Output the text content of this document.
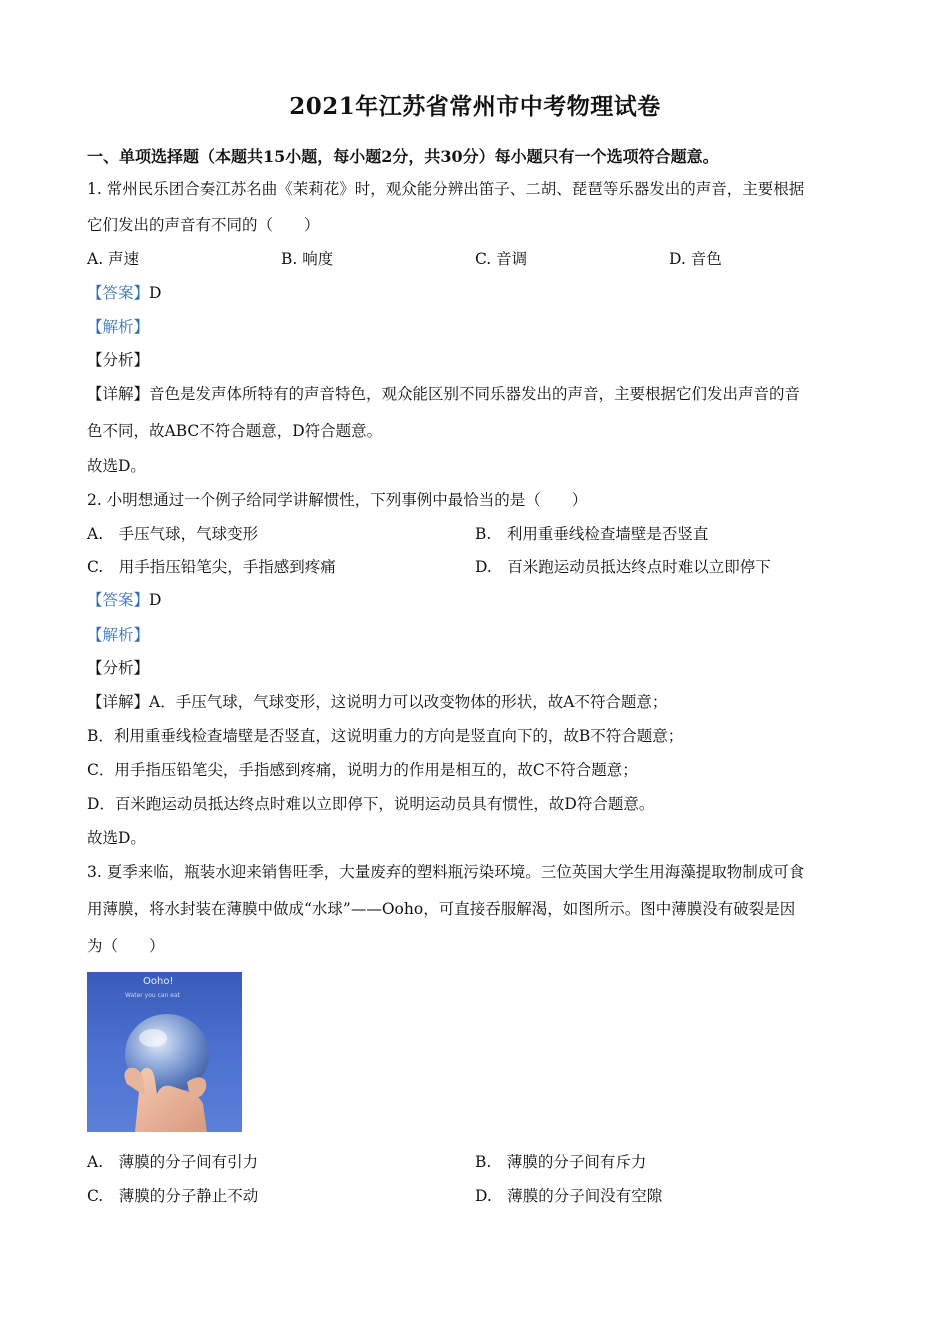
2021年江苏省常州市中考物理试卷
一、单项选择题（本题共15小题，每小题2分，共30分）每小题只有一个选项符合题意。
1. 常州民乐团合奏江苏名曲《茉莉花》时，观众能分辨出笛子、二胡、琵琶等乐器发出的声音，主要根据
它们发出的声音有不同的（　　）
A. 声速	B. 响度	C. 音调	D. 音色
【答案】D
【解析】
【分析】
【详解】音色是发声体所特有的声音特色，观众能区别不同乐器发出的声音，主要根据它们发出声音的音
色不同，故ABC不符合题意，D符合题意。
故选D。
2. 小明想通过一个例子给同学讲解惯性，下列事例中最恰当的是（　　）
A.　手压气球，气球变形	B.　利用重垂线检查墙壁是否竖直
C.　用手指压铅笔尖，手指感到疼痛	D.　百米跑运动员抵达终点时难以立即停下
【答案】D
【解析】
【分析】
【详解】A．手压气球，气球变形，这说明力可以改变物体的形状，故A不符合题意；
B．利用重垂线检查墙壁是否竖直，这说明重力的方向是竖直向下的，故B不符合题意；
C．用手指压铅笔尖，手指感到疼痛，说明力的作用是相互的，故C不符合题意；
D．百米跑运动员抵达终点时难以立即停下，说明运动员具有惯性，故D符合题意。
故选D。
3. 夏季来临，瓶装水迎来销售旺季，大量废弃的塑料瓶污染环境。三位英国大学生用海藻提取物制成可食
用薄膜，将水封装在薄膜中做成“水球”——Ooho，可直接吞服解渴，如图所示。图中薄膜没有破裂是因
为（　　）
Ooho!
Water you can eat
A.　薄膜的分子间有引力	B.　薄膜的分子间有斥力
C.　薄膜的分子静止不动	D.　薄膜的分子间没有空隙
